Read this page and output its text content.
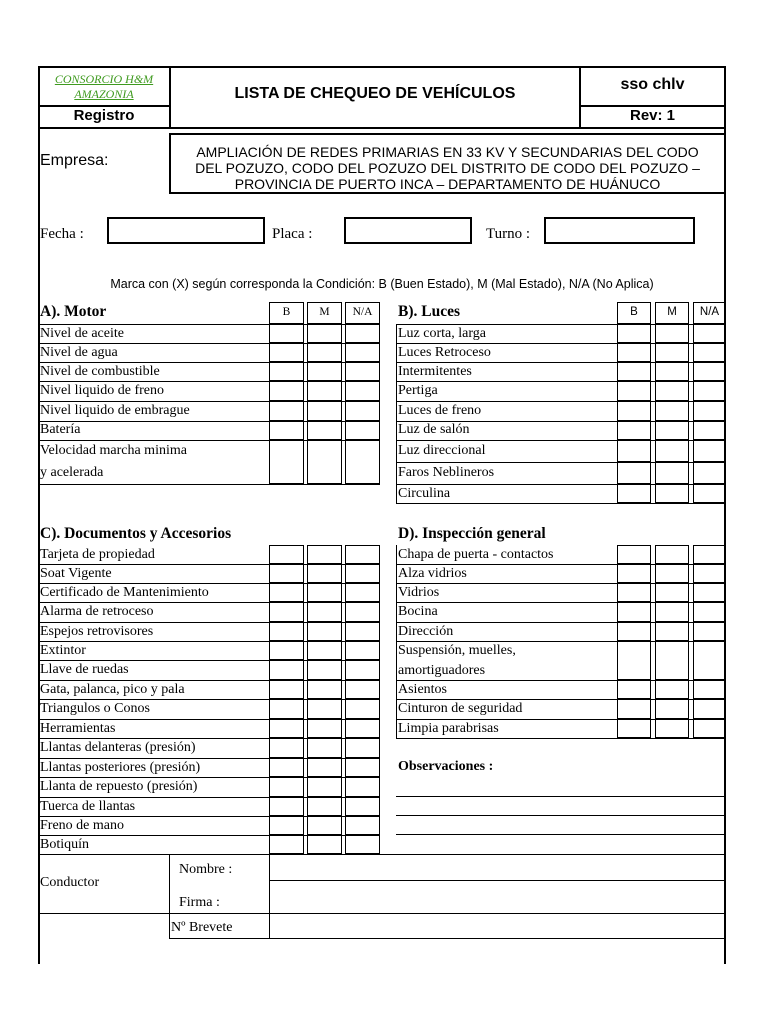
CONSORCIO H&M
AMAZONIA
Registro
LISTA DE CHEQUEO DE VEHÍCULOS
sso chlv
Rev: 1
Empresa:	AMPLIACIÓN DE REDES PRIMARIAS EN 33 KV Y SECUNDARIAS DEL CODO
DEL POZUZO, CODO DEL POZUZO DEL DISTRITO DE CODO DEL POZUZO –
PROVINCIA DE PUERTO INCA – DEPARTAMENTO DE HUÁNUCO
Fecha :	Placa :	Turno :
Marca con (X) según corresponda la Condición: B (Buen Estado), M (Mal Estado), N/A (No Aplica)
A). Motor	B	M	N/A
Nivel de aceite
Nivel de agua
Nivel de combustible
Nivel liquido de freno
Nivel liquido de embrague
Batería
Velocidad marcha minima
y acelerada
B). Luces	B	M	N/A
Luz corta, larga
Luces Retroceso
Intermitentes
Pertiga
Luces de freno
Luz de salón
Luz direccional
Faros Neblineros
Circulina
C). Documentos y Accesorios
Tarjeta de propiedad
Soat Vigente
Certificado de Mantenimiento
Alarma de retroceso
Espejos retrovisores
Extintor
Llave de ruedas
Gata, palanca, pico y pala
Triangulos o Conos
Herramientas
Llantas delanteras (presión)
Llantas posteriores (presión)
Llanta de repuesto (presión)
Tuerca de llantas
Freno de mano
Botiquín
D). Inspección general
Chapa de puerta - contactos
Alza vidrios
Vidrios
Bocina
Dirección
Suspensión, muelles,
amortiguadores
Asientos
Cinturon de seguridad
Limpia parabrisas
Observaciones :
Conductor
Nombre :
Firma :
Nº Brevete
